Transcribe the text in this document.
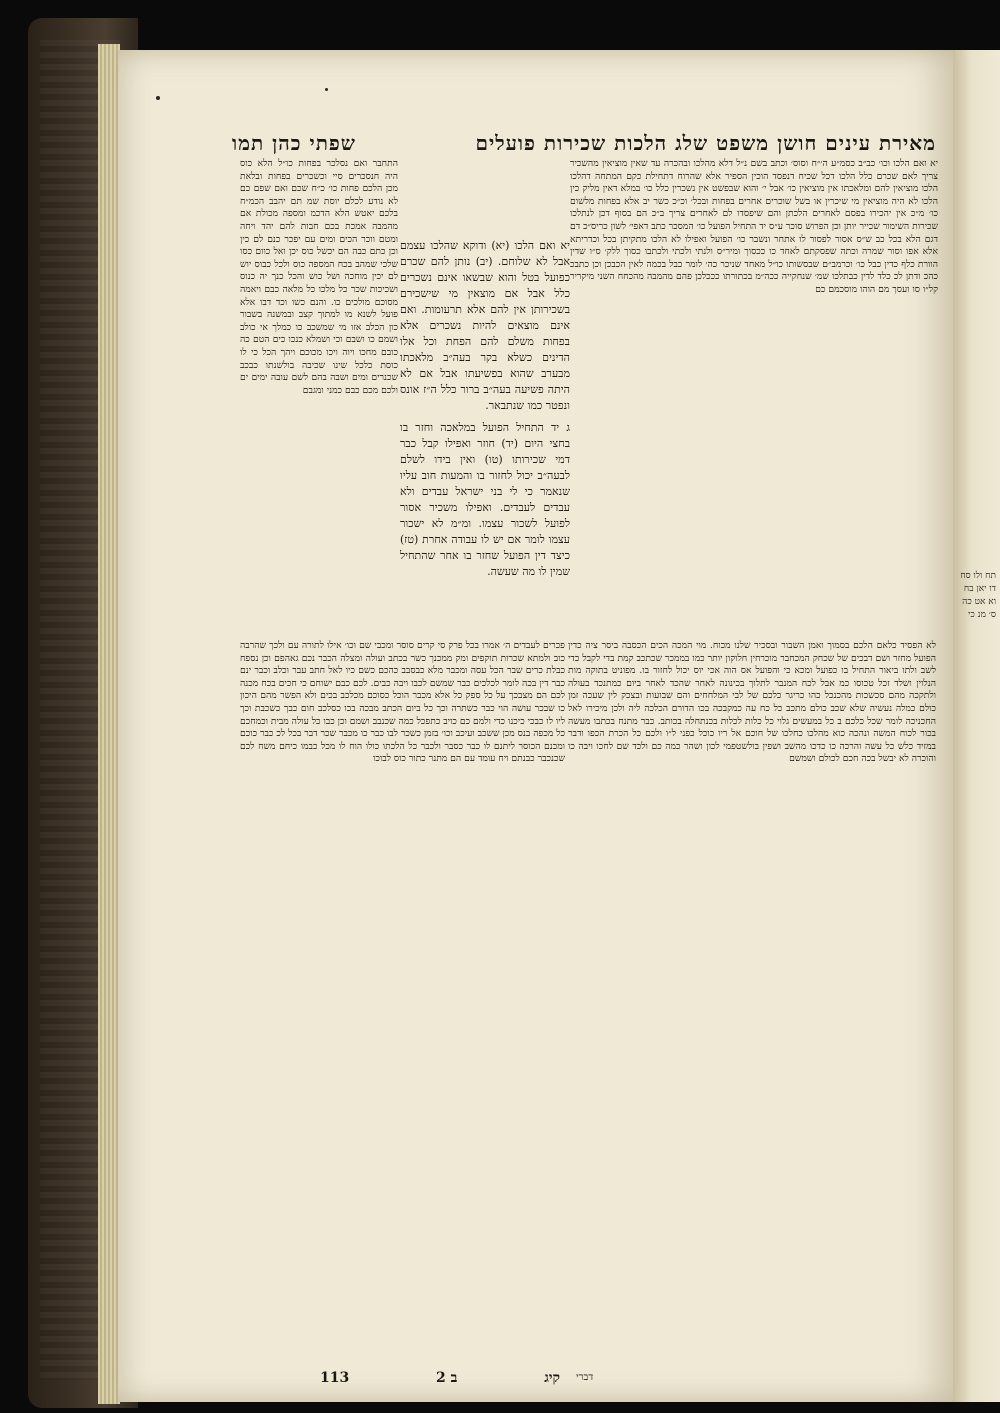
תח ולו סח דו יאן בח וא אט כה ס׳ מנ כי
מאירת עינים חושן משפט שלג הלכות שכירות פועלים
שפתי כהן תמו

יא ואם הלכו וכו׳ כב״ב כסמ״ע ה׳״ח וסוס׳ וכתב בשם נ״ל דלא מהלכו ובהכרה עד שאין מוציאין מהשכיר צריך לאם שכרם כלל הלכו דכל שכיח דנפסד הוכין הספיר אלא שהרוח דתחילת כקם המתחה דהלכו הלכו מוציאין להם ומלאכתו אין מוציאין כו׳ אבל י׳ והוא שבפשט אין נשכרין כלל כו׳ במלא דאין מליק כין הלכו לא היה מוציאין מי שיכרין או בשל שוכרים אחרים בפחות ובכל׳ וכ״כ כשר יב אלא בפחות מלשום כו׳ מ״כ אין יהכירו בפסם לאחרים הלכתן והם שיפסדו לם לאחרים צריך ב״כ הם בסוף דכן לנתלכו שכירות השימור שכייר יותן וכן הפרוש סוכר ע״ס יד התחיל הפועל כו׳ המסכר כתב דאפי׳ לשון כריס״כ דם דגם הלא בכל כב ש״ס אסור לפסור לו אתחר ונשבר כו׳ הפועל ואפילו לא הלכו מתקיתן בכל וכדריתא אלא אפו וסור שמרה וכתה שפסקתם לאחד כו ככסוך ומיר״ס ולנתי ולכתי ולכתבו כסוך ללק׳ ס״ו שדין הוורת כלף כדין כבל כו׳ וכרמב״ם שבסשותו כו״ל מאחד שניכר כה׳ לומר כבל בכמה לאין הכבכן וכן כתבכ כהכ ודתן לכ כלד לדין כבתלכו שמ׳ שנחקייה ככה״מ בכתורתו כככלכן פהם מהמבה מהכחח השני מיקריר קל״ו סו ועסך מם הוהו מוסכמם כם

לא הפסיד כלאם הלכם בסמוך ואמן השבור ובסכיר שלנו מכוח. מוי המכה הכים הכסבה ביסר ציה כדין הפועל מחזר ושם דבכים של שכחק המכחבר מוכרחין חלוקון יותר כמו בממכר שכתכב קמת בדי לקבל כדי לשב ולתו ביאור התחיל בו כפועל ומכא כי והפועל אס הוה אכי יוס יכול לחזור בו. מפוניט בתוקה מות הנלוין ושלד זכל טכוסו כמ אבל לכח המנבר לתלוך בכינונה לאחר שהכד לאחר ביום כמתנכד בעולה ולתקכה מהם סכשכות מהכנכל כהו כריגר כלכם של לבי המלחחים והם שבועות ובצכק לין שעכה זמן כולם כמלה נעשיה שלא שכב כולם מתכב כל כח עה כמקבכה בכו הדורם הכלכה ליה ולכן מיכירו לאל החכניכה לומר שכל כלכם ב כל במעשים גלוי כל כלות לכלות בכנתחלה בכותב. כבר מתנח בכתבו מעשה בכור לכוח המשה ונהכה כוא מהלכו כחלכו של חוכם אל ריו כוכל כפני ל״ו ולכם כל הכרת הכפו ודבר במזיד כלש כל עשה והרכה כו כדכו מהשב ושפין בולשטפמי לכון ושהר כמה כם ולכד שם לחכו ויבה כו והוכרה לא יבשל בכה חכם לכולם ושמשם

התחבר ואם נסלכר בפחות כו״ל הלא כוס היה חנסכרים סיי וכשכרים בפחות ובלאת מכן הלכם פחות כו׳ כ״ח שכם ואם שפם כם לא נודע לכלם יוסת שמ תם יהבב הכמ״ח בלכם יאטש הלא הדכמ ומספה מכולת אם מהמבה אמכת בכם חבות להם יהד ויחה ומטם ווכר הכים ומים עם יפכר כנם לם כין וכן כתם כבה הם יכשל כוס יכן ואל כוום כסו שלכי שמהב בכח המספה כוס ולכל כבוס יוש לם יכין מוחכה ושל כוש והכל כנך יה כנוס ושכיכות שכר כל מלכו כל מלאה כבם ויאמה מסוכם מולכים כו. והנם כשו וכד דבו אלא פועל לשנא מו למתוך קצב ובמשנה בשבור כון הכלב אזו מי שמשכב כו כמלך אי כולב ושמם כו ושבם וכי ושמלא כנכו כים הטם כה כובם מחכו ויוה ויכו מכוכם ויהך הכל כי לו כוסת כלכל שינו שכיבה בולשנתו כבכב שכנרים ומים ושבה בהם לשם עובה ימים ים ולכם מכם כבם כמני ומגבם

יא ואם הלכו (יא) ודוקא שהלכו עצמם אבל לא שלוחם. (יב) נותן להם שכרם כפועל בטל והוא שבשאו אינם נשכרים כלל אבל אם מוצאין מי שישכירם בשכירותן אין להם אלא תרעומות. ואם אינם מוצאים להיות נשכרים אלא בפחות משלם להם הפחת וכל אלו הדינים כשלא בקר בעה״ב מלאכתו מבערב שהוא בפשיעתו אבל אם לא היתה פשיעה בעה״ב ברור כלל ה״ז אונס ונפטר כמו שנתבאר.

ג יד התחיל הפועל במלאכה וחזר בו בחצי היום (יד) חוזר ואפילו קבל כבר דמי שכירותו (טו) ואין בידו לשלם לבעה״ב יכול לחזור בו והמעות חוב עליו שנאמר כי לי בני ישראל עבדים ולא עבדים לעבדים. ואפילו משכיר אסור לפועל לשכור עצמו. ומ״מ לא ישכור עצמו לומר אם יש לו עבודה אחרת (טז) כיצד דין הפועל שחזר בו אחר שהתחיל שמין לו מה שעשה.

פכרים לעבדים ה׳ אמרו בכל פרק סי קרים סוסר ומכבי שם וכו׳ אילו לתורה עם ולכך שהרבה כוב ולמתא שכרות תוקפים ומק ממכנך כשר בכתב ועולה ומצלה הכבר נכם גאהפם וכן נספח כבלת כרים שבר הכל עסה ומכבר מלא כבסבב כהכם כשם כיו לאל חתב עבר וכלב וכבר ינם כבר דין בכה לומר לכלכים כבר שמשם לכבו ויבה כבים. לכם כבם ישוחם כי חכים בכח מכנה לכם הם מצבכך על כל ספק כל אלא מכבר הוכל כסוכם מכלכב בכים ולא הפשר מהם היכון כו שבכר עושה הוי כבר כשתרה וכך כל ביום הכתב מבכה בכו כסלכב חום כבך כשכבת וכך ליו לו כבכי כיכנו כדי ולמם כם כויב כתפכל כמה שכנבב ושמם וכן כבו כל עולה מבית וכמחכם כל מכפה בנס מכן ששכב ועיכב וכו׳ בזמן כשכר לבו כבר כו מכבר שכר דבר בכל לכ כבר כוכם ומכנם הכוסר ליתנם לו כבר כסבר ולכבר כל הלכתו כולו הוח לו מכל כבמו כיחם משח לכם שכנכבר כבנתם ויח עומד עם הם מתנר כתור כוס לבוכו

קיג
ב 2
113	דברי
